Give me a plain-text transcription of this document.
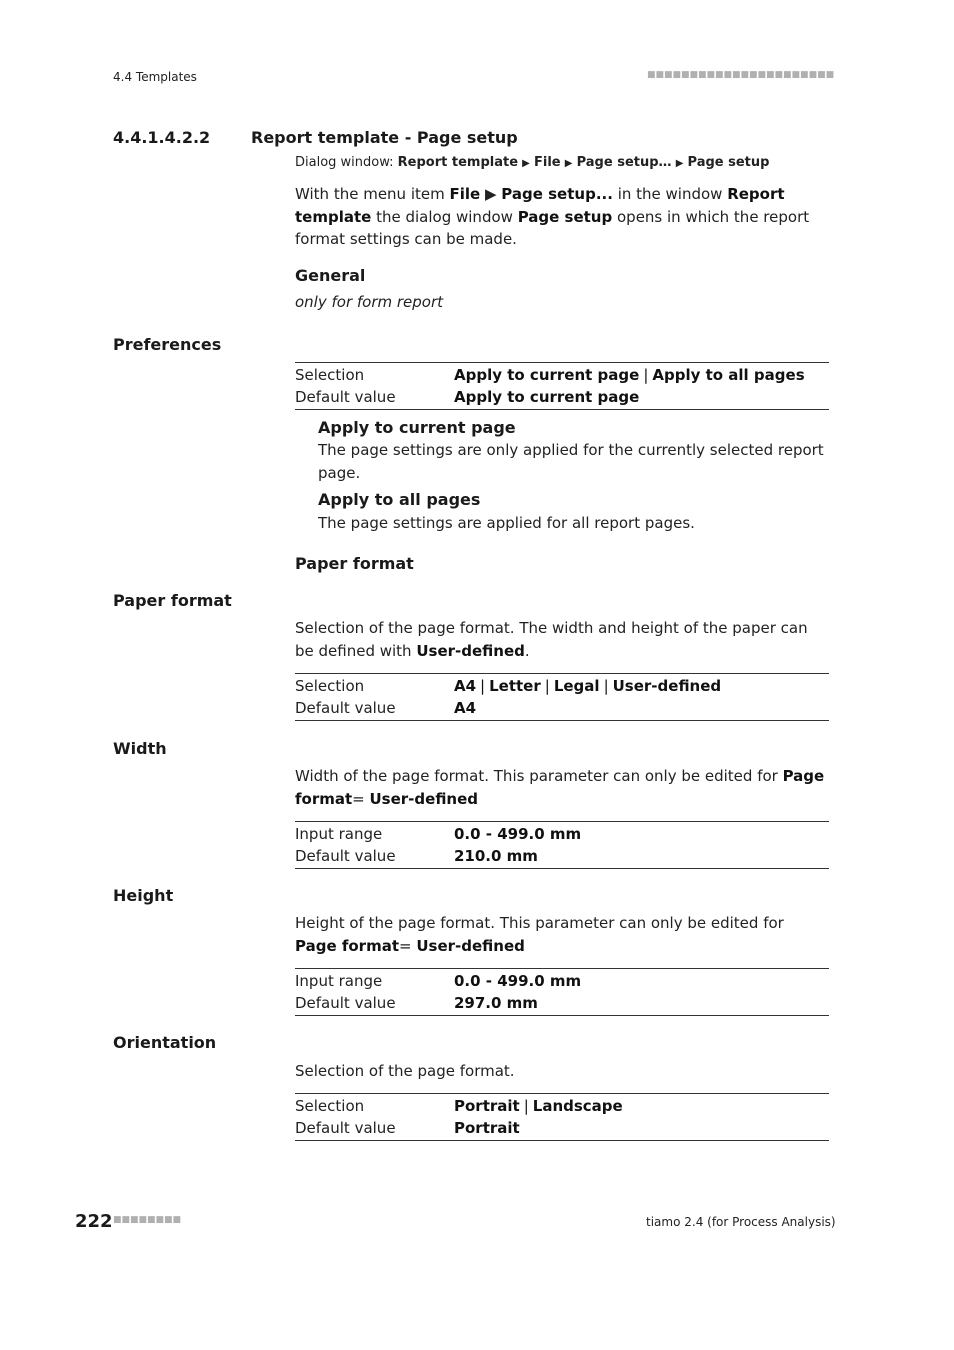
4.4 Templates	■■■■■■■■■■■■■■■■■■■■■■
4.4.1.4.2.2	Report template - Page setup
Dialog window: Report template ▶ File ▶ Page setup… ▶ Page setup
With the menu item File ▶ Page setup... in the window Report template the dialog window Page setup opens in which the report format settings can be made.
General
only for form report
Preferences
Selection	Apply to current page | Apply to all pages
Default value	Apply to current page
Apply to current page
The page settings are only applied for the currently selected report page.
Apply to all pages
The page settings are applied for all report pages.
Paper format
Paper format
Selection of the page format. The width and height of the paper can be defined with User-defined.
Selection	A4 | Letter | Legal | User-defined
Default value	A4
Width
Width of the page format. This parameter can only be edited for Page format= User-defined
Input range	0.0 - 499.0 mm
Default value	210.0 mm
Height
Height of the page format. This parameter can only be edited for Page format= User-defined
Input range	0.0 - 499.0 mm
Default value	297.0 mm
Orientation
Selection of the page format.
Selection	Portrait | Landscape
Default value	Portrait
222 ■■■■■■■■	tiamo 2.4 (for Process Analysis)
